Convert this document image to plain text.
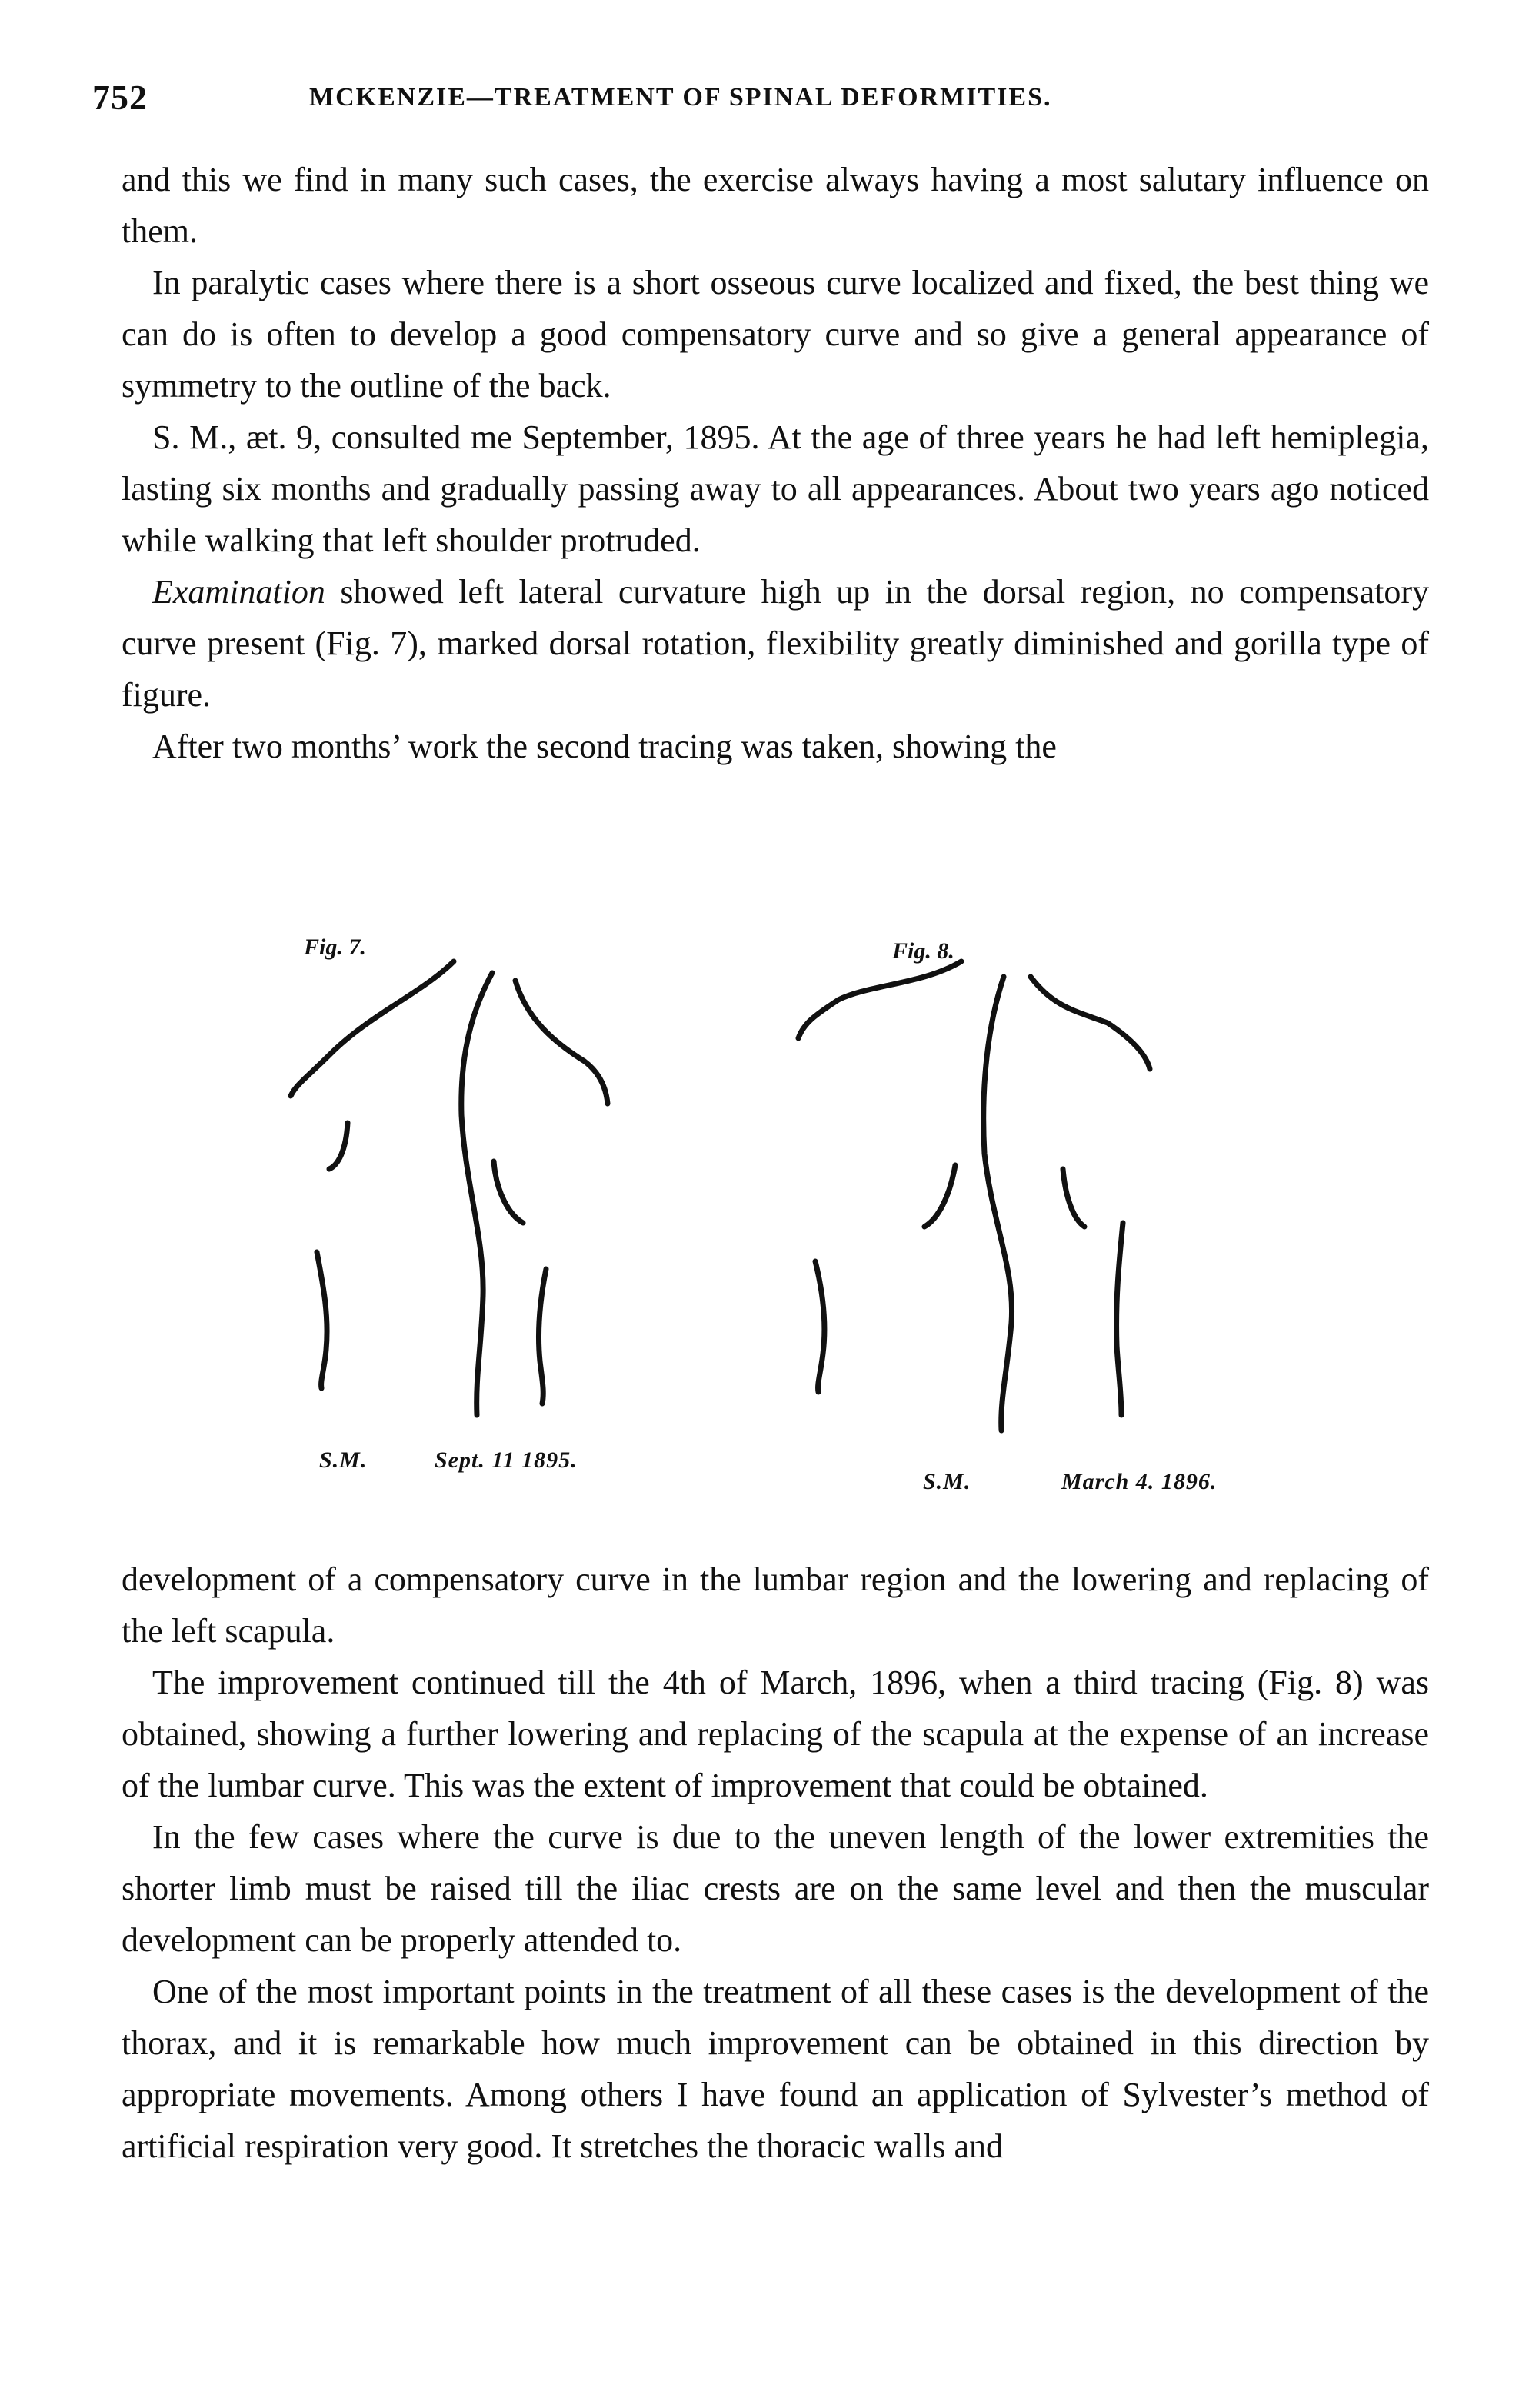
752	MCKENZIE—TREATMENT OF SPINAL DEFORMITIES.

and this we find in many such cases, the exercise always having a most salutary influence on them.

In paralytic cases where there is a short osseous curve localized and fixed, the best thing we can do is often to develop a good compensatory curve and so give a general appearance of symmetry to the outline of the back.

S. M., æt. 9, consulted me September, 1895. At the age of three years he had left hemiplegia, lasting six months and gradually passing away to all appearances. About two years ago noticed while walking that left shoulder protruded.

Examination showed left lateral curvature high up in the dorsal region, no compensatory curve present (Fig. 7), marked dorsal rotation, flexibility greatly diminished and gorilla type of figure.

After two months’ work the second tracing was taken, showing the

Fig. 7.	Fig. 8.
S.M.	Sept. 11 1895.
S.M.	March 4. 1896.

development of a compensatory curve in the lumbar region and the lowering and replacing of the left scapula.

The improvement continued till the 4th of March, 1896, when a third tracing (Fig. 8) was obtained, showing a further lowering and replacing of the scapula at the expense of an increase of the lumbar curve. This was the extent of improvement that could be obtained.

In the few cases where the curve is due to the uneven length of the lower extremities the shorter limb must be raised till the iliac crests are on the same level and then the muscular development can be properly attended to.

One of the most important points in the treatment of all these cases is the development of the thorax, and it is remarkable how much improvement can be obtained in this direction by appropriate movements. Among others I have found an application of Sylvester’s method of artificial respiration very good. It stretches the thoracic walls and
